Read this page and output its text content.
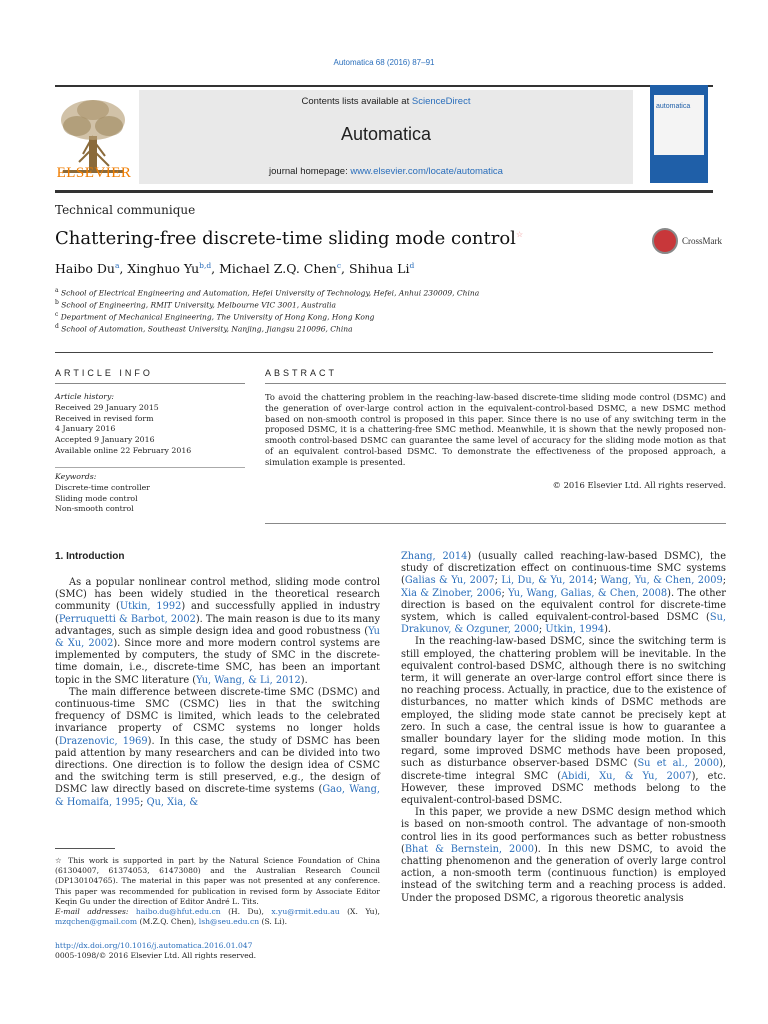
Automatica 68 (2016) 87–91
ELSEVIER
Contents lists available at ScienceDirect
Automatica
journal homepage: www.elsevier.com/locate/automatica
automatica
Technical communique
Chattering-free discrete-time sliding mode control☆
CrossMark
Haibo Du$^a$, Xinghuo Yu$^{b,d}$, Michael Z.Q. Chen$^c$, Shihua Li$^d$
$^a$ School of Electrical Engineering and Automation, Hefei University of Technology, Hefei, Anhui 230009, China
$^b$ School of Engineering, RMIT University, Melbourne VIC 3001, Australia
$^c$ Department of Mechanical Engineering, The University of Hong Kong, Hong Kong
$^d$ School of Automation, Southeast University, Nanjing, Jiangsu 210096, China
ARTICLE INFO	ABSTRACT
Article history:
Received 29 January 2015
Received in revised form
4 January 2016
Accepted 9 January 2016
Available online 22 February 2016
Keywords:
Discrete-time controller
Sliding mode control
Non-smooth control
To avoid the chattering problem in the reaching-law-based discrete-time sliding mode control (DSMC) and the generation of over-large control action in the equivalent-control-based DSMC, a new DSMC method based on non-smooth control is proposed in this paper. Since there is no use of any switching term in the proposed DSMC, it is a chattering-free SMC method. Meanwhile, it is shown that the newly proposed non-smooth control-based DSMC can guarantee the same level of accuracy for the sliding mode motion as that of an equivalent control-based DSMC. To demonstrate the effectiveness of the proposed approach, a simulation example is presented.
© 2016 Elsevier Ltd. All rights reserved.
1. Introduction

As a popular nonlinear control method, sliding mode control (SMC) has been widely studied in the theoretical research community (Utkin, 1992) and successfully applied in industry (Perruquetti & Barbot, 2002). The main reason is due to its many advantages, such as simple design idea and good robustness (Yu & Xu, 2002). Since more and more modern control systems are implemented by computers, the study of SMC in the discrete-time domain, i.e., discrete-time SMC, has been an important topic in the SMC literature (Yu, Wang, & Li, 2012).

The main difference between discrete-time SMC (DSMC) and continuous-time SMC (CSMC) lies in that the switching frequency of DSMC is limited, which leads to the celebrated invariance property of CSMC systems no longer holds (Drazenovic, 1969). In this case, the study of DSMC has been paid attention by many researchers and can be divided into two directions. One direction is to follow the design idea of CSMC and the switching term is still preserved, e.g., the design of DSMC law directly based on discrete-time systems (Gao, Wang, & Homaifa, 1995; Qu, Xia, &

Zhang, 2014) (usually called reaching-law-based DSMC), the study of discretization effect on continuous-time SMC systems (Galias & Yu, 2007; Li, Du, & Yu, 2014; Wang, Yu, & Chen, 2009; Xia & Zinober, 2006; Yu, Wang, Galias, & Chen, 2008). The other direction is based on the equivalent control for discrete-time system, which is called equivalent-control-based DSMC (Su, Drakunov, & Ozguner, 2000; Utkin, 1994).

In the reaching-law-based DSMC, since the switching term is still employed, the chattering problem will be inevitable. In the equivalent control-based DSMC, although there is no switching term, it will generate an over-large control effort since there is no reaching process. Actually, in practice, due to the existence of disturbances, no matter which kinds of DSMC methods are employed, the sliding mode state cannot be precisely kept at zero. In such a case, the central issue is how to guarantee a smaller boundary layer for the sliding mode motion. In this regard, some improved DSMC methods have been proposed, such as disturbance observer-based DSMC (Su et al., 2000), discrete-time integral SMC (Abidi, Xu, & Yu, 2007), etc. However, these improved DSMC methods belong to the equivalent-control-based DSMC.

In this paper, we provide a new DSMC design method which is based on non-smooth control. The advantage of non-smooth control lies in its good performances such as better robustness (Bhat & Bernstein, 2000). In this new DSMC, to avoid the chatting phenomenon and the generation of overly large control action, a non-smooth term (continuous function) is employed instead of the switching term and a reaching process is added. Under the proposed DSMC, a rigorous theoretic analysis

☆ This work is supported in part by the Natural Science Foundation of China (61304007, 61374053, 61473080) and the Australian Research Council (DP130104765). The material in this paper was not presented at any conference. This paper was recommended for publication in revised form by Associate Editor Keqin Gu under the direction of Editor André L. Tits.
E-mail addresses: haibo.du@hfut.edu.cn (H. Du), x.yu@rmit.edu.au (X. Yu), mzqchen@gmail.com (M.Z.Q. Chen), lsh@seu.edu.cn (S. Li).
http://dx.doi.org/10.1016/j.automatica.2016.01.047
0005-1098/© 2016 Elsevier Ltd. All rights reserved.
